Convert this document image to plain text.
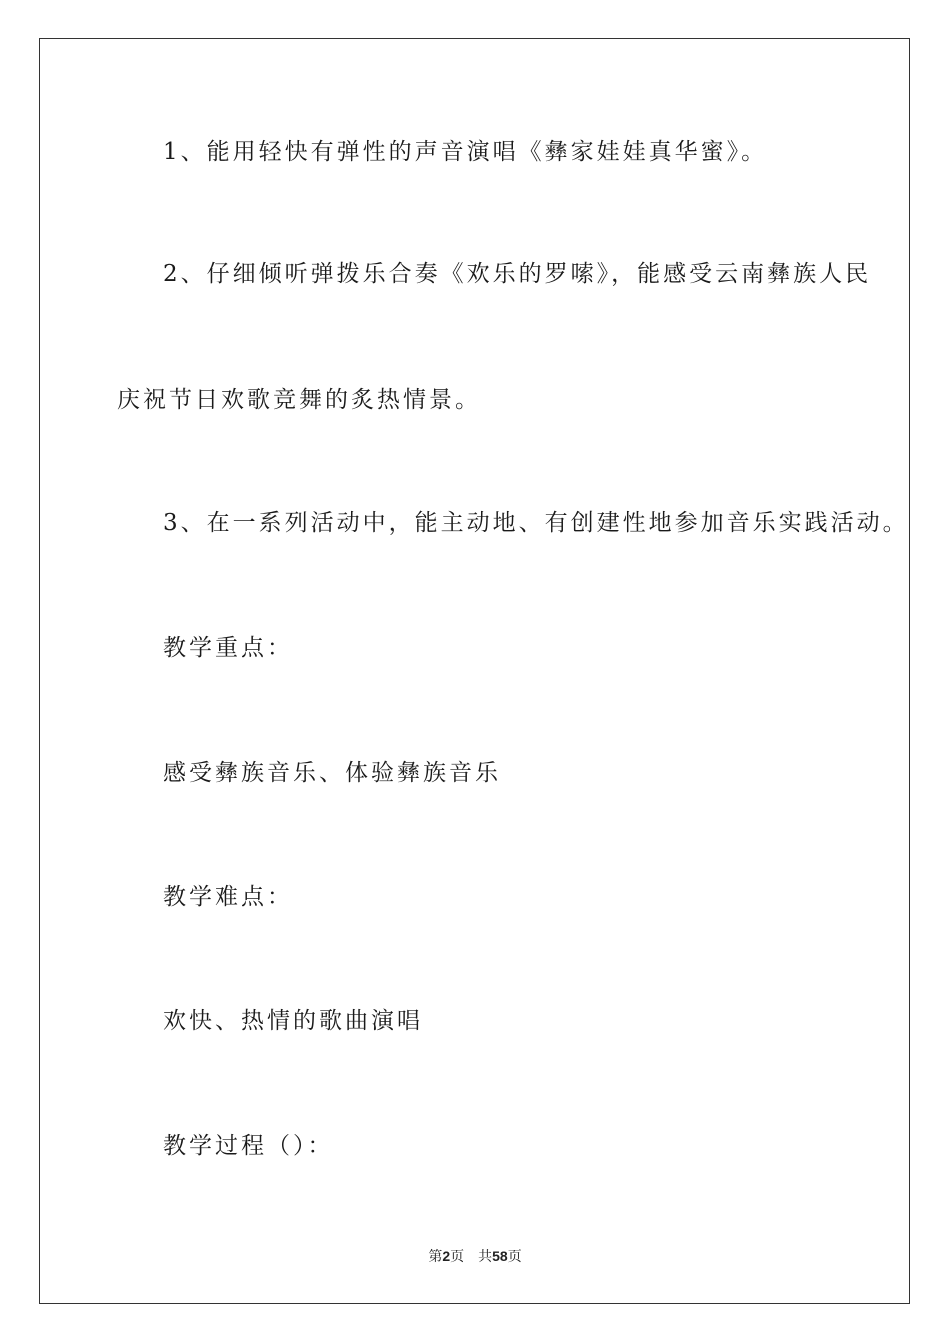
1、能用轻快有弹性的声音演唱《彝家娃娃真华蜜》。
2、仔细倾听弹拨乐合奏《欢乐的罗嗦》，能感受云南彝族人民
庆祝节日欢歌竞舞的炙热情景。
3、在一系列活动中，能主动地、有创建性地参加音乐实践活动。
教学重点：
感受彝族音乐、体验彝族音乐
教学难点：
欢快、热情的歌曲演唱
教学过程（）：
第2页 共58页
